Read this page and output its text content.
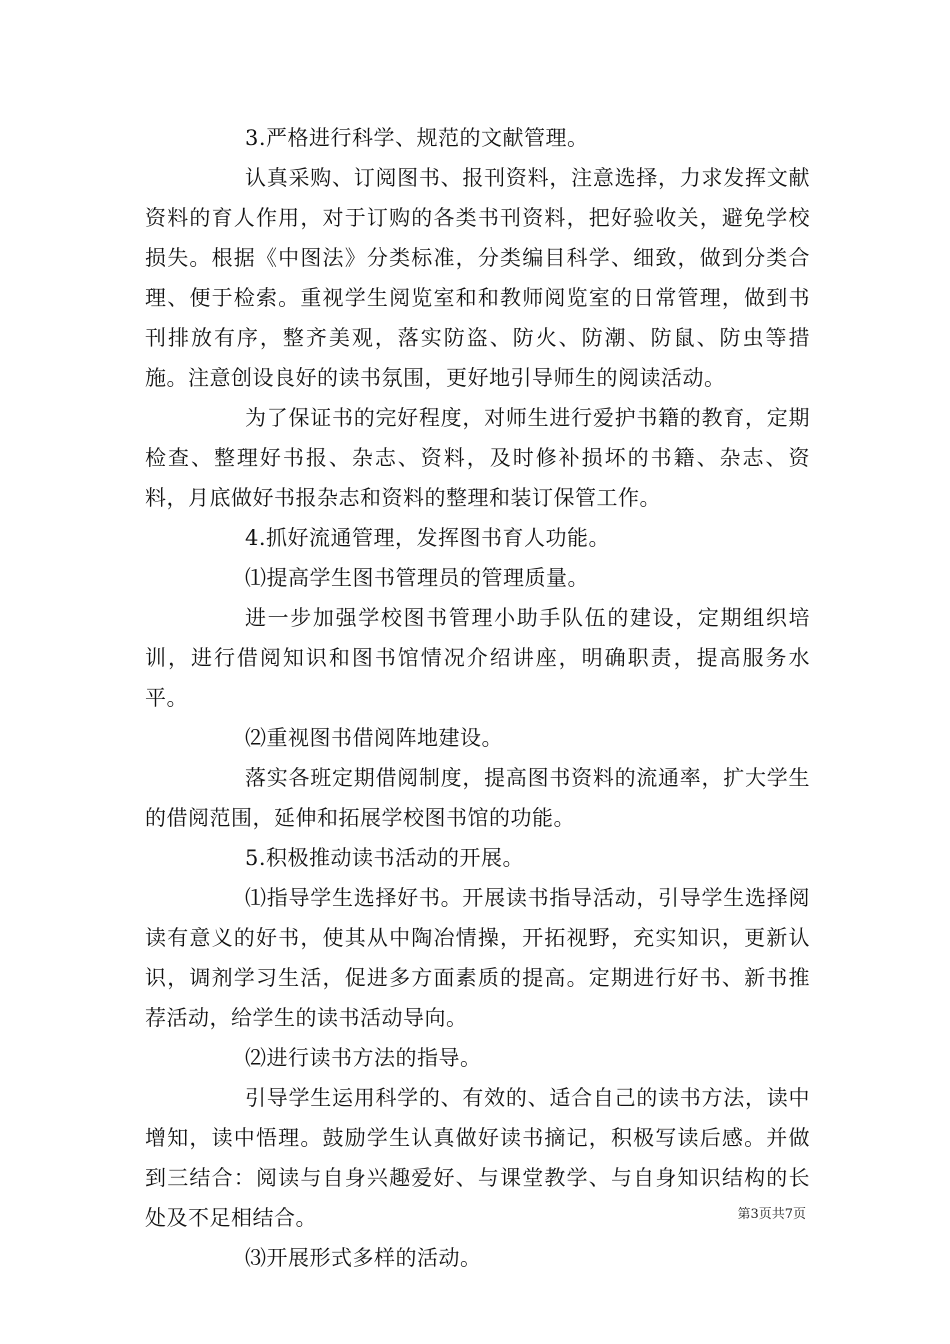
3.严格进行科学、规范的文献管理。

认真采购、订阅图书、报刊资料，注意选择，力求发挥文献资料的育人作用，对于订购的各类书刊资料，把好验收关，避免学校损失。根据《中图法》分类标准，分类编目科学、细致，做到分类合理、便于检索。重视学生阅览室和和教师阅览室的日常管理，做到书刊排放有序，整齐美观，落实防盗、防火、防潮、防鼠、防虫等措施。注意创设良好的读书氛围，更好地引导师生的阅读活动。

为了保证书的完好程度，对师生进行爱护书籍的教育，定期检查、整理好书报、杂志、资料，及时修补损坏的书籍、杂志、资料，月底做好书报杂志和资料的整理和装订保管工作。

4.抓好流通管理，发挥图书育人功能。

⑴提高学生图书管理员的管理质量。

进一步加强学校图书管理小助手队伍的建设，定期组织培训，进行借阅知识和图书馆情况介绍讲座，明确职责，提高服务水平。

⑵重视图书借阅阵地建设。

落实各班定期借阅制度，提高图书资料的流通率，扩大学生的借阅范围，延伸和拓展学校图书馆的功能。

5.积极推动读书活动的开展。

⑴指导学生选择好书。开展读书指导活动，引导学生选择阅读有意义的好书，使其从中陶冶情操，开拓视野，充实知识，更新认识，调剂学习生活，促进多方面素质的提高。定期进行好书、新书推荐活动，给学生的读书活动导向。

⑵进行读书方法的指导。

引导学生运用科学的、有效的、适合自己的读书方法，读中增知，读中悟理。鼓励学生认真做好读书摘记，积极写读后感。并做到三结合：阅读与自身兴趣爱好、与课堂教学、与自身知识结构的长处及不足相结合。

⑶开展形式多样的活动。

第3页共7页
